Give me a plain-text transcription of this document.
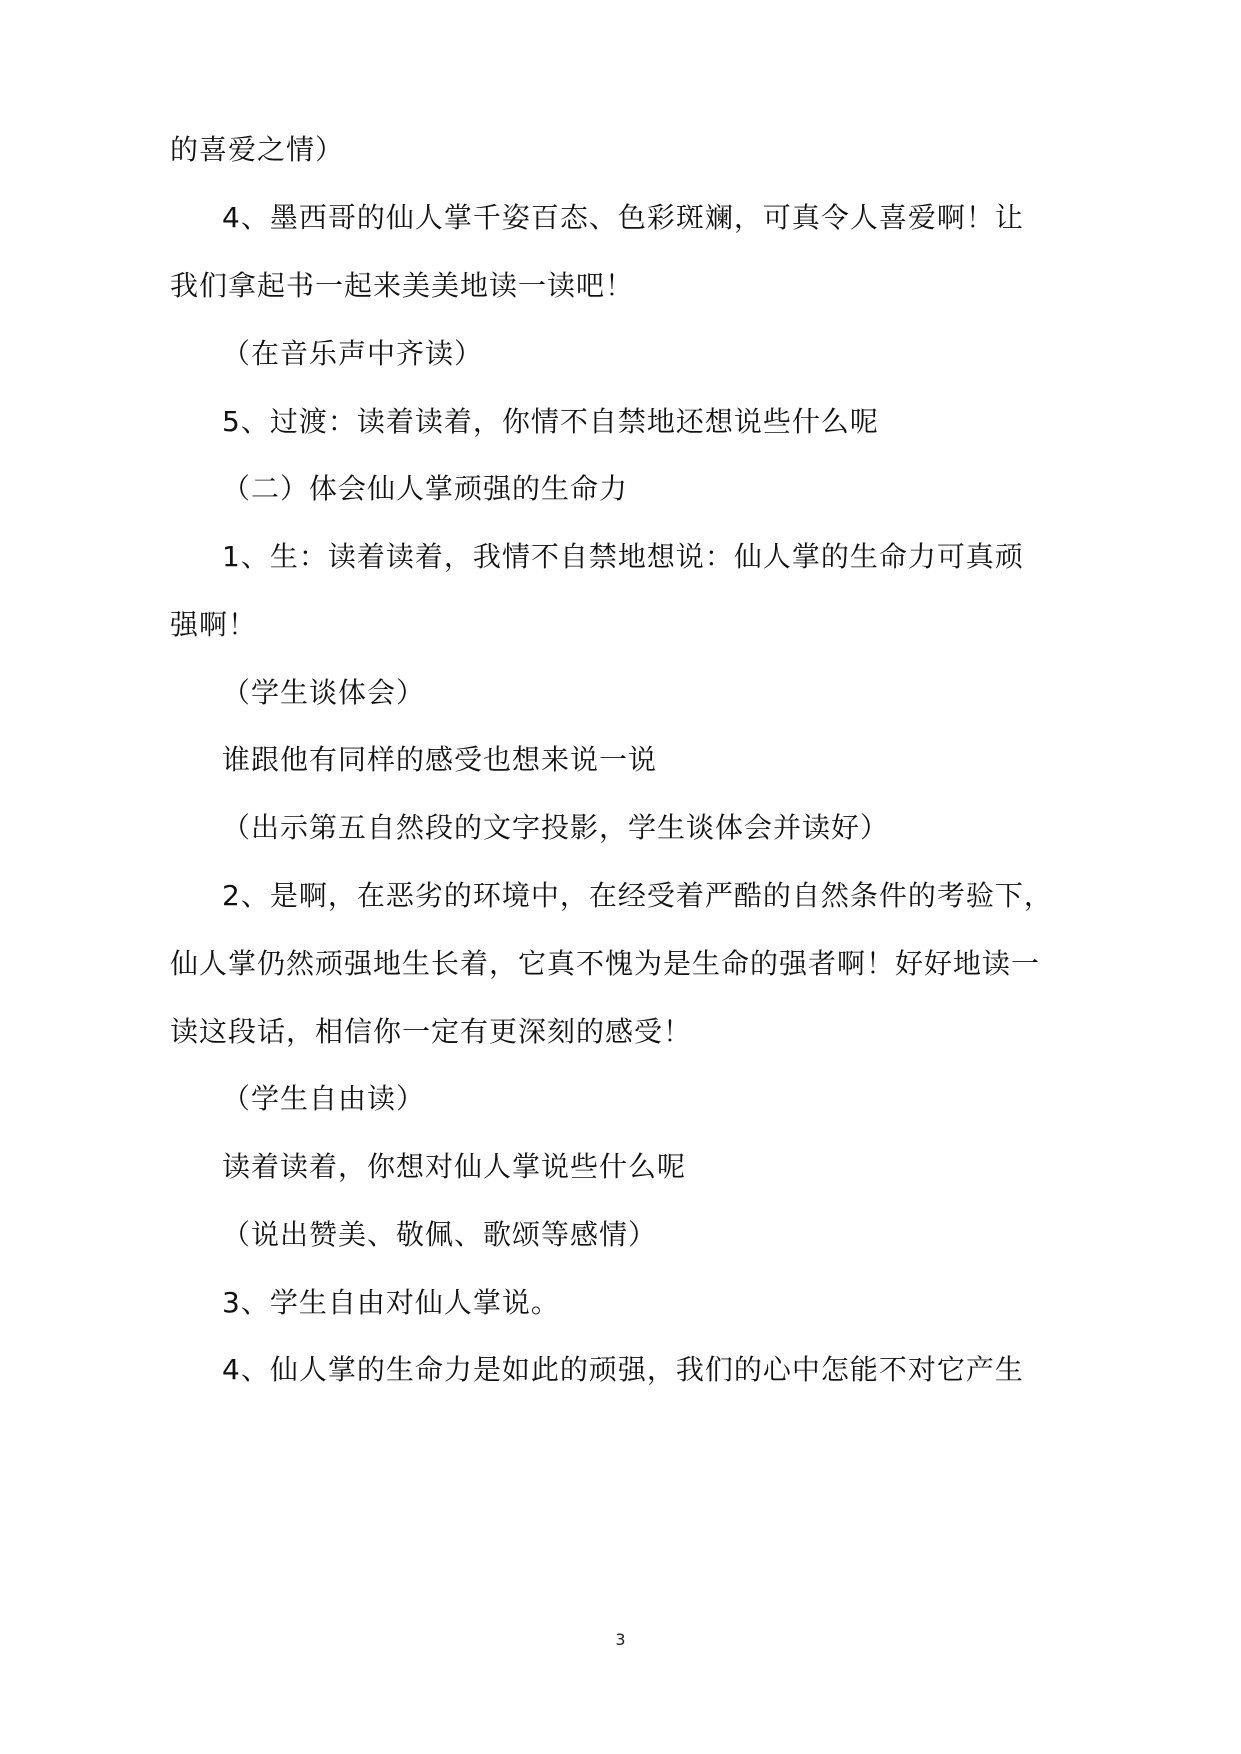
的喜爱之情）
4、墨西哥的仙人掌千姿百态、色彩斑斓，可真令人喜爱啊！让
我们拿起书一起来美美地读一读吧！
（在音乐声中齐读）
5、过渡：读着读着，你情不自禁地还想说些什么呢
（二）体会仙人掌顽强的生命力
1、生：读着读着，我情不自禁地想说：仙人掌的生命力可真顽
强啊！
（学生谈体会）
谁跟他有同样的感受也想来说一说
（出示第五自然段的文字投影，学生谈体会并读好）
2、是啊，在恶劣的环境中，在经受着严酷的自然条件的考验下，
仙人掌仍然顽强地生长着，它真不愧为是生命的强者啊！好好地读一
读这段话，相信你一定有更深刻的感受！
（学生自由读）
读着读着，你想对仙人掌说些什么呢
（说出赞美、敬佩、歌颂等感情）
3、学生自由对仙人掌说。
4、仙人掌的生命力是如此的顽强，我们的心中怎能不对它产生
3
